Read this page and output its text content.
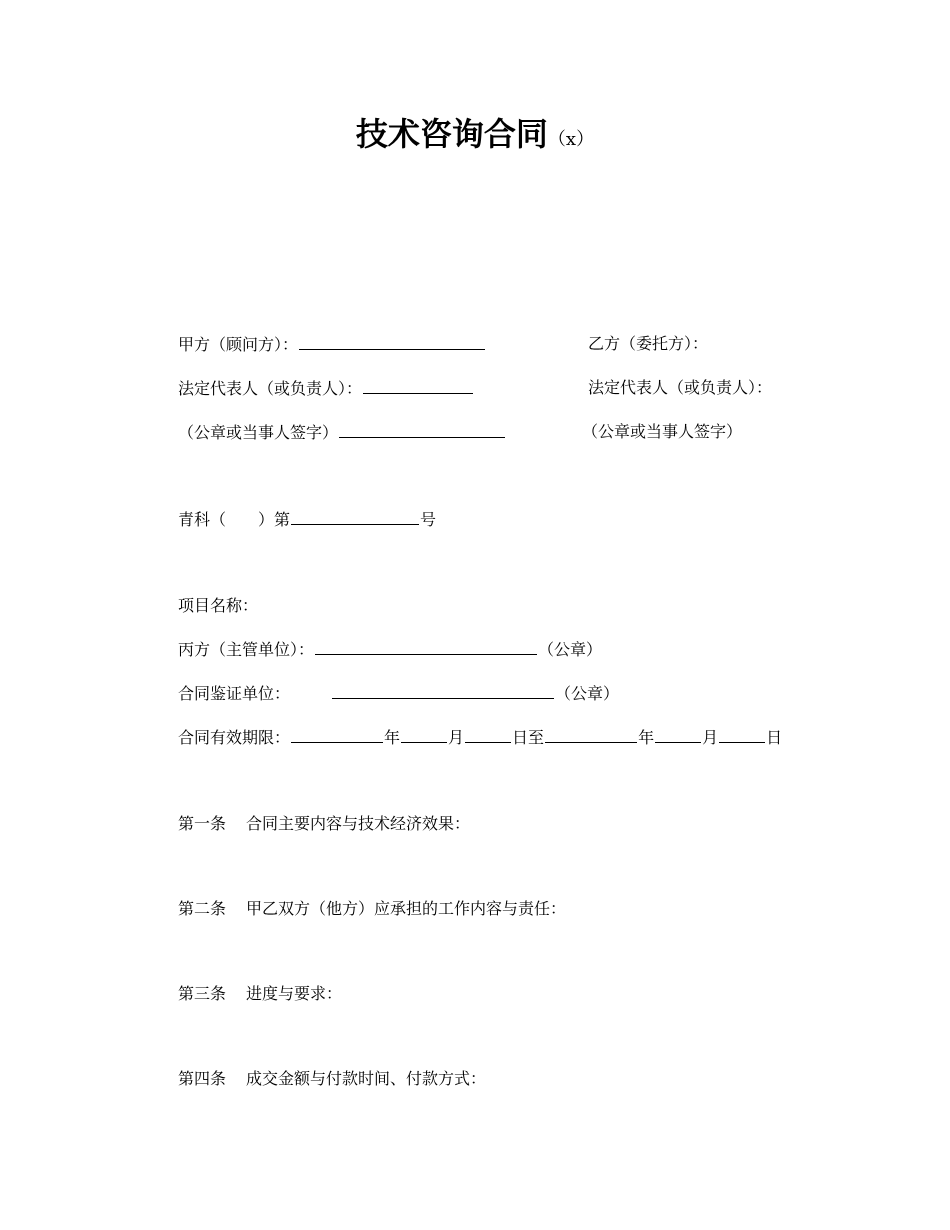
技术咨询合同（x）
甲方（顾问方）：	乙方（委托方）：
法定代表人（或负责人）：	法定代表人（或负责人）：
（公章或当事人签字）	（公章或当事人签字）
青科（　　）第	号
项目名称：
丙方（主管单位）：	（公章）
合同鉴证单位：	（公章）
合同有效期限：	年	月	日至	年	月	日
第一条 合同主要内容与技术经济效果：
第二条 甲乙双方（他方）应承担的工作内容与责任：
第三条 进度与要求：
第四条 成交金额与付款时间、付款方式：
